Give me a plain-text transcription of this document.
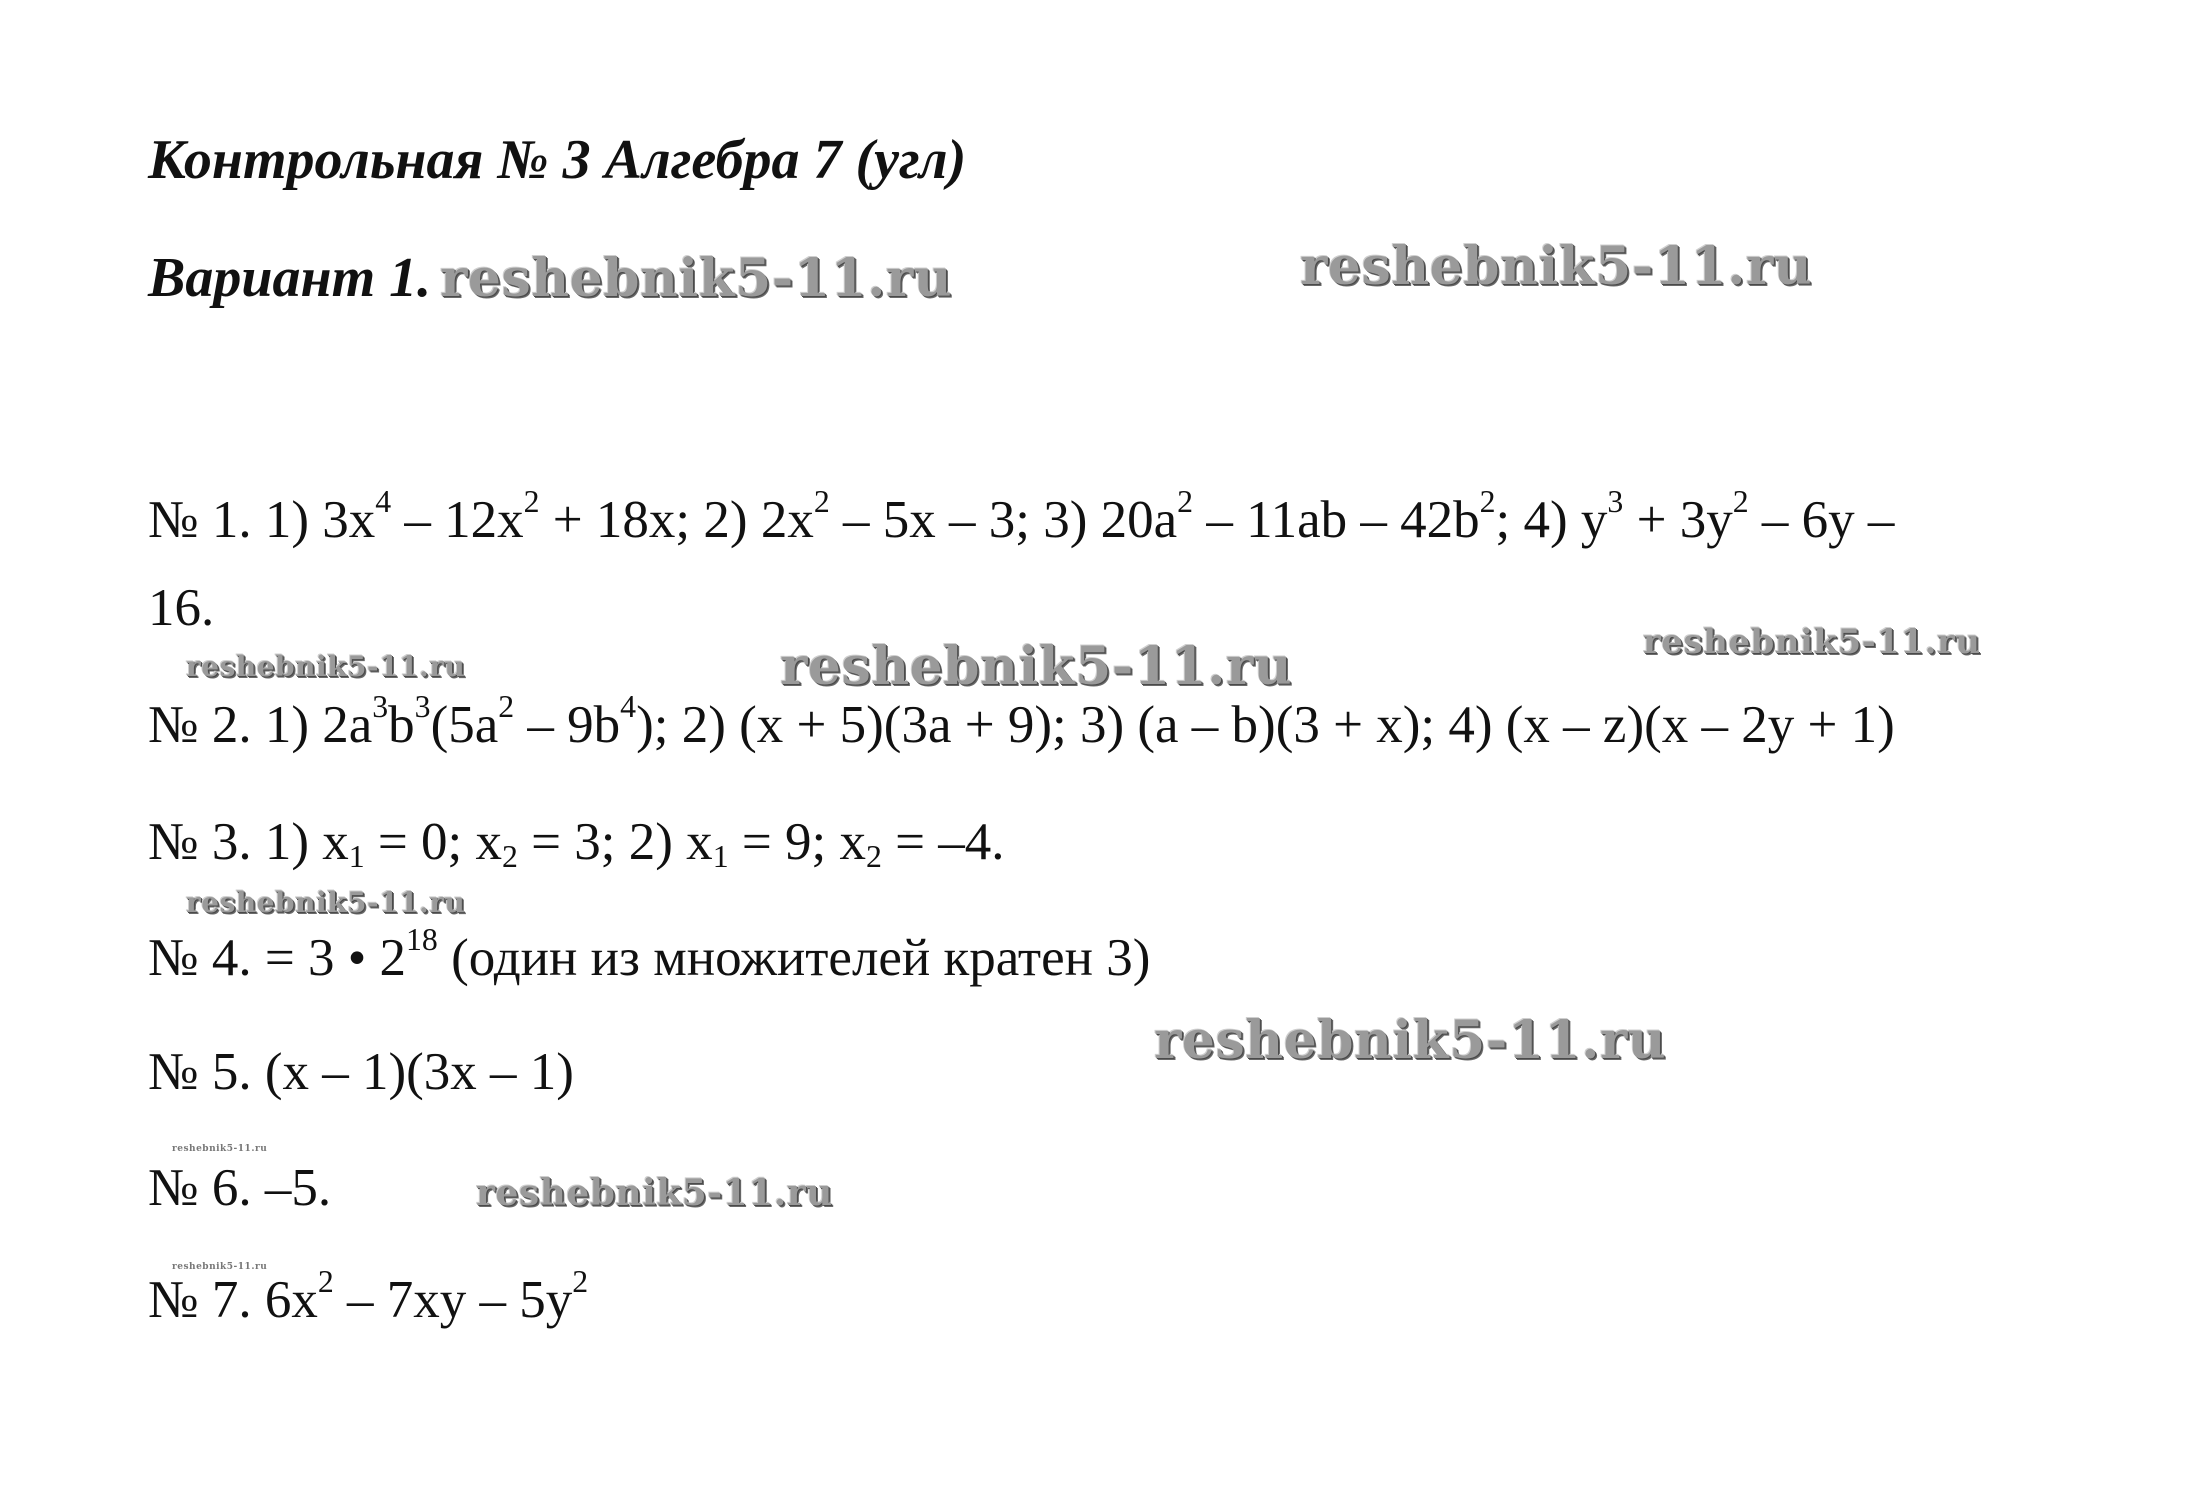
Контрольная № 3 Алгебра 7 (угл)
Вариант 1.
№ 1. 1) $3x^4 - 12x^2 + 18x$; 2) $2x^2 - 5x - 3$; 3) $20a^2 - 11ab - 42b^2$; 4) $y^3 + 3y^2 - 6y$ –
16.
№ 2. 1) $2a^3b^3(5a^2 - 9b^4)$; 2) (x + 5)(3a + 9); 3) (a – b)(3 + x); 4) (x – z)(x – 2y + 1)
№ 3. 1) $x_1 = 0$; $x_2 = 3$; 2) $x_1 = 9$; $x_2 = -4$.
№ 4. = 3 • $2^{18}$ (один из множителей кратен 3)
№ 5. (x – 1)(3x – 1)
№ 6. –5.
№ 7. $6x^2 - 7xy - 5y^2$
reshebnik5-11.ru	reshebnik5-11.ru
reshebnik5-11.ru	reshebnik5-11.ru	reshebnik5-11.ru
reshebnik5-11.ru
reshebnik5-11.ru
reshebnik5-11.ru
reshebnik5-11.ru
reshebnik5-11.ru
